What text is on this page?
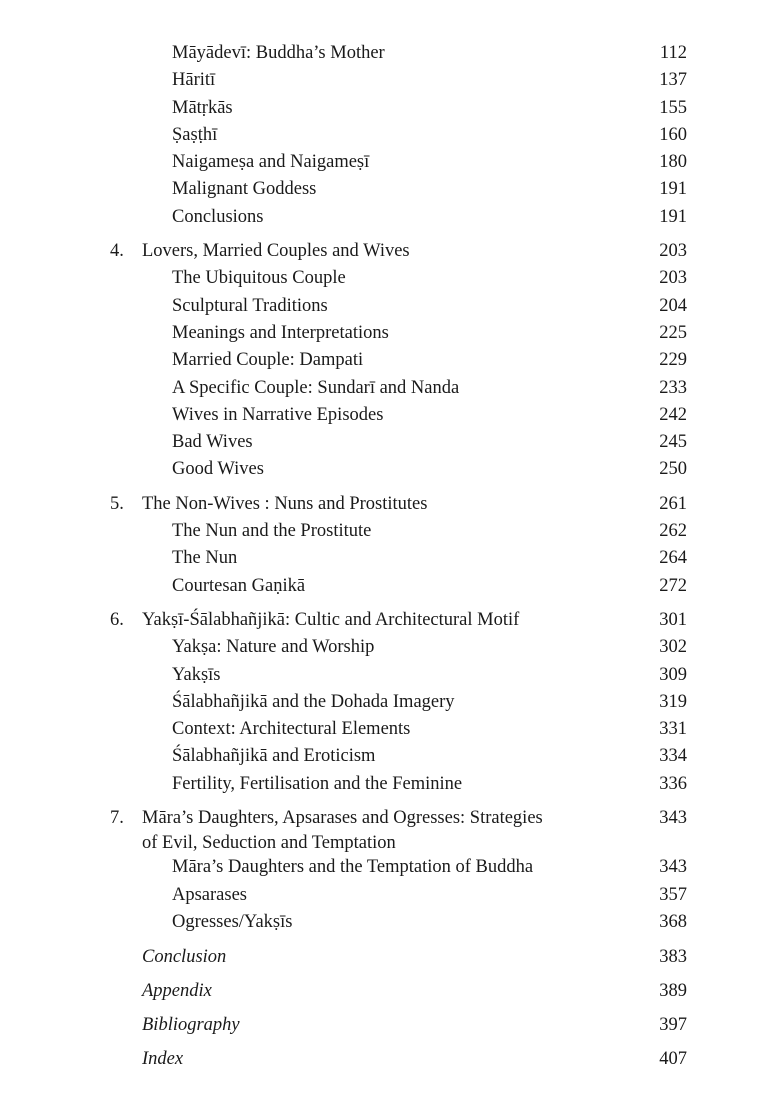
Māyādevī: Buddha’s Mother	112
Hāritī	137
Mātṛkās	155
Ṣaṣṭhī	160
Naigameṣa and Naigameṣī	180
Malignant Goddess	191
Conclusions	191
4. Lovers, Married Couples and Wives	203
The Ubiquitous Couple	203
Sculptural Traditions	204
Meanings and Interpretations	225
Married Couple: Dampati	229
A Specific Couple: Sundarī and Nanda	233
Wives in Narrative Episodes	242
Bad Wives	245
Good Wives	250
5. The Non-Wives : Nuns and Prostitutes	261
The Nun and the Prostitute	262
The Nun	264
Courtesan Gaṇikā	272
6. Yakṣī-Śālabhañjikā: Cultic and Architectural Motif	301
Yakṣa: Nature and Worship	302
Yakṣīs	309
Śālabhañjikā and the Dohada Imagery	319
Context: Architectural Elements	331
Śālabhañjikā and Eroticism	334
Fertility, Fertilisation and the Feminine	336
7. Māra’s Daughters, Apsarases and Ogresses: Strategies	343
of Evil, Seduction and Temptation
Māra’s Daughters and the Temptation of Buddha	343
Apsarases	357
Ogresses/Yakṣīs	368
Conclusion	383
Appendix	389
Bibliography	397
Index	407
